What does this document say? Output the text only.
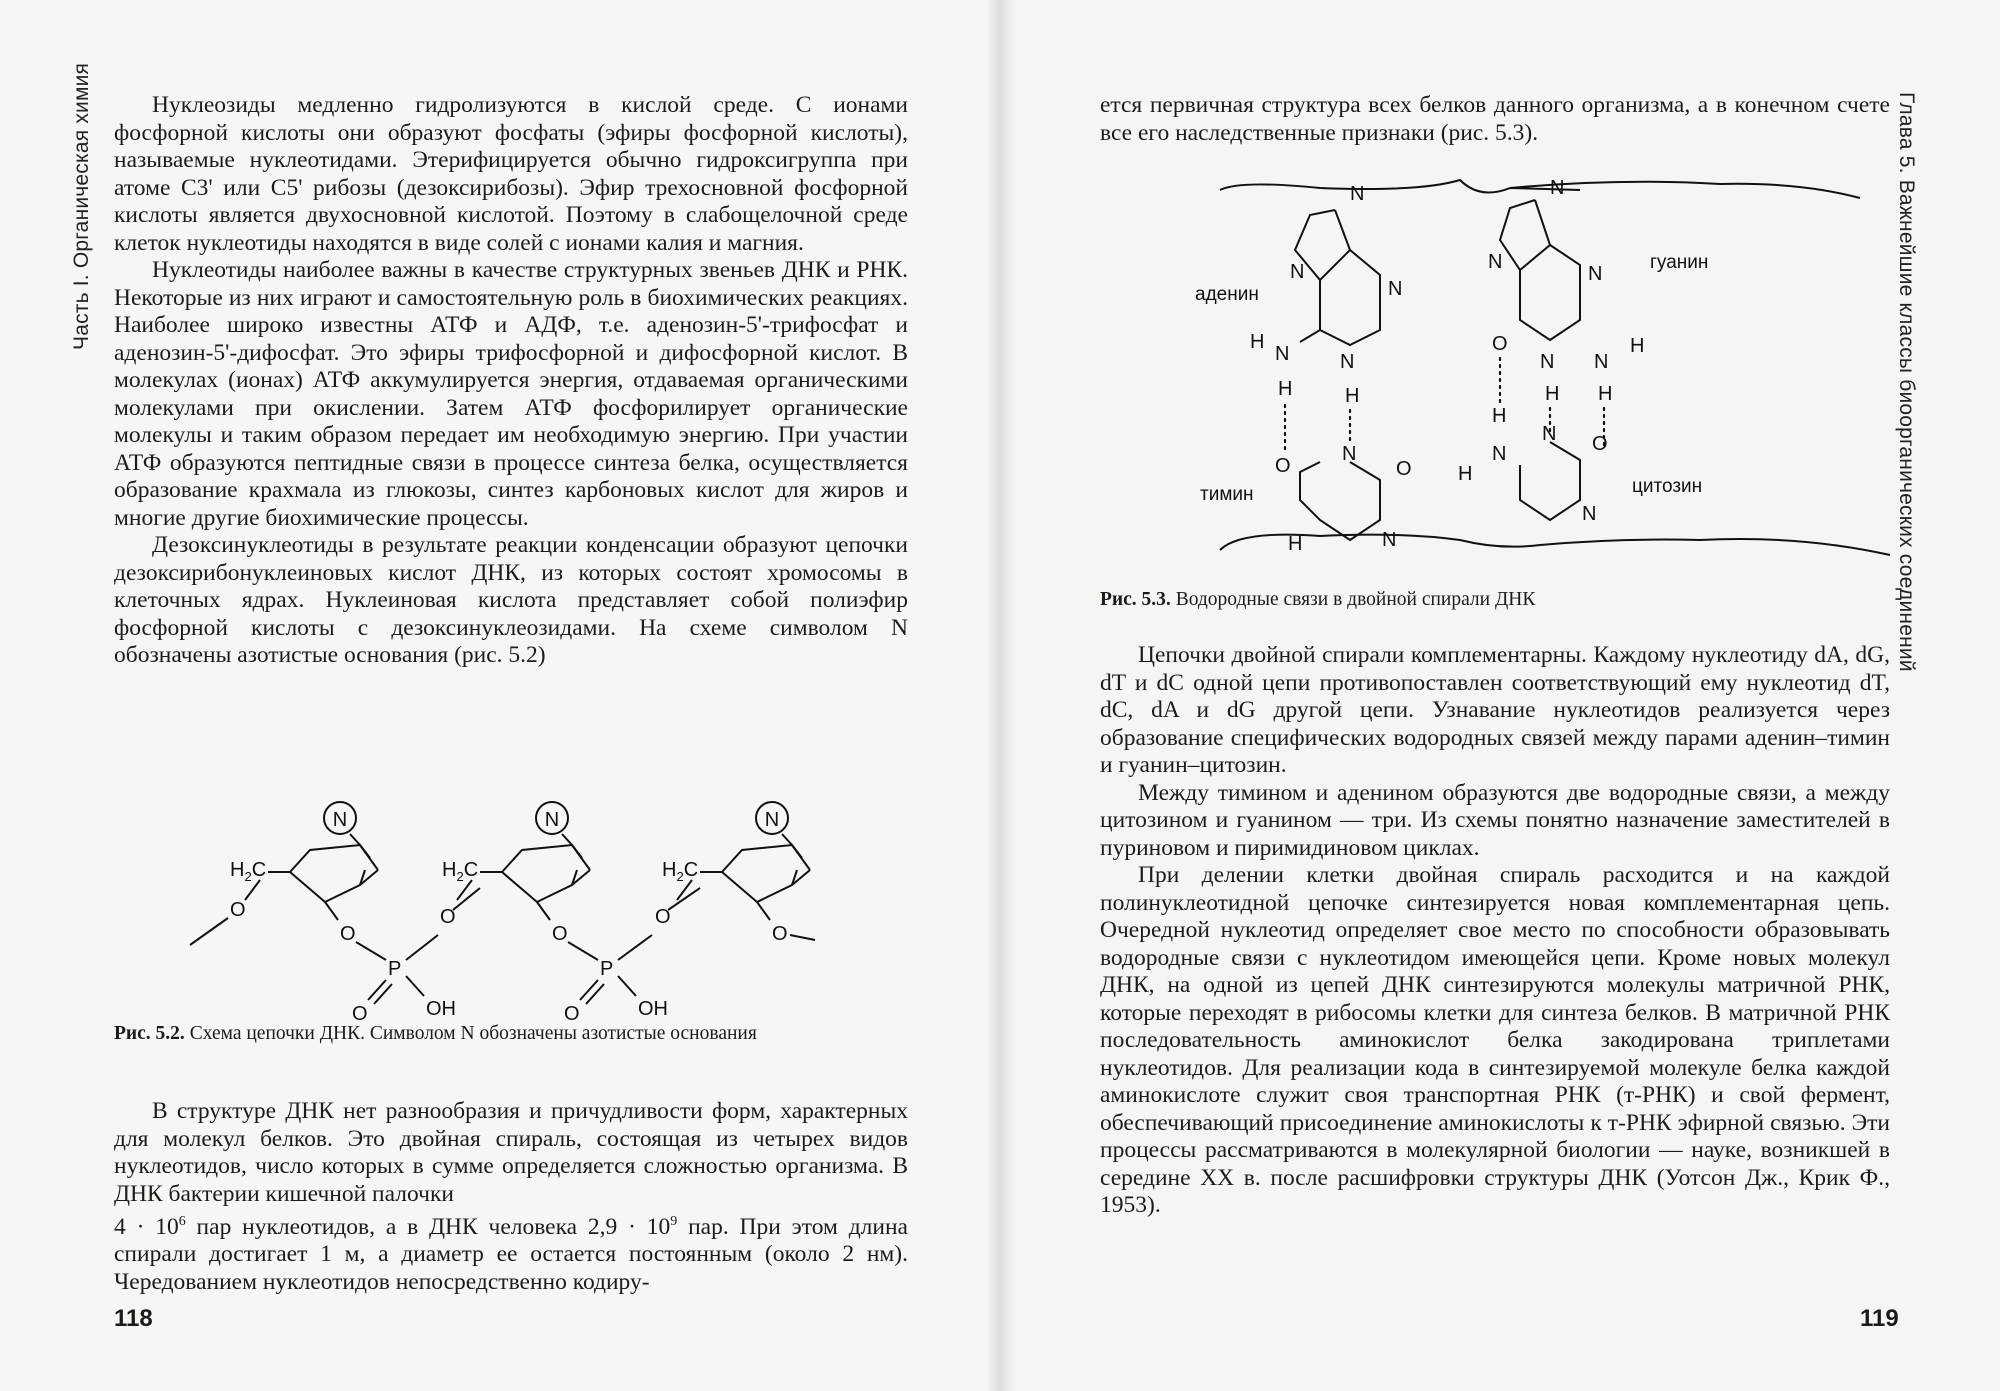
Часть I. Органическая химия	Нуклеозиды медленно гидролизуются в кислой среде. С ионами фосфорной кислоты они образуют фосфаты (эфиры фосфорной кислоты), называемые нуклеотидами. Этерифицируется обычно гидроксигруппа при атоме C3' или C5' рибозы (дезоксирибозы). Эфир трехосновной фосфорной кислоты является двухосновной кислотой. Поэтому в слабощелочной среде клеток нуклеотиды находятся в виде солей с ионами калия и магния.

Нуклеотиды наиболее важны в качестве структурных звеньев ДНК и РНК. Некоторые из них играют и самостоятельную роль в биохимических реакциях. Наиболее широко известны АТФ и АДФ, т.е. аденозин-5'-трифосфат и аденозин-5'-дифосфат. Это эфиры трифосфорной и дифосфорной кислот. В молекулах (ионах) АТФ аккумулируется энергия, отдаваемая органическими молекулами при окислении. Затем АТФ фосфорилирует органические молекулы и таким образом передает им необходимую энергию. При участии АТФ образуются пептидные связи в процессе синтеза белка, осуществляется образование крахмала из глюкозы, синтез карбоновых кислот для жиров и многие другие биохимические процессы.

Дезоксинуклеотиды в результате реакции конденсации образуют цепочки дезоксирибонуклеиновых кислот ДНК, из которых состоят хромосомы в клеточных ядрах. Нуклеиновая кислота представляет собой полиэфир фосфорной кислоты с дезоксинуклеозидами. На схеме символом N обозначены азотистые основания (рис. 5.2)

N
$H_2C$
O
O
P
O
O	OH
O
P
O
O	OH
O
Рис. 5.2. Схема цепочки ДНК. Символом N обозначены азотистые основания

В структуре ДНК нет разнообразия и причудливости форм, характерных для молекул белков. Это двойная спираль, состоящая из четырех видов нуклеотидов, число которых в сумме определяется сложностью организма. В ДНК бактерии кишечной палочки

$4 \cdot 10^6$ пар нуклеотидов, а в ДНК человека $2,9 \cdot 10^9$ пар. При этом длина спирали достигает 1 м, а диаметр ее остается постоянным (около 2 нм). Чередованием нуклеотидов непосредственно кодиру-

118
Глава 5. Важнейшие классы биоорганических соединений

ется первичная структура всех белков данного организма, а в конечном счете все его наследственные признаки (рис. 5.3).

N
N
N
N
аденин
N
H
H	H
N
O	O
N
H
тимин
N
N
N
гуанин
O
N N
H
H H
H
N
H
N O
N
цитозин
Рис. 5.3. Водородные связи в двойной спирали ДНК

Цепочки двойной спирали комплементарны. Каждому нуклеотиду dA, dG, dT и dC одной цепи противопоставлен соответствующий ему нуклеотид dT, dC, dA и dG другой цепи. Узнавание нуклеотидов реализуется через образование специфических водородных связей между парами аденин–тимин и гуанин–цитозин.

Между тимином и аденином образуются две водородные связи, а между цитозином и гуанином — три. Из схемы понятно назначение заместителей в пуриновом и пиримидиновом циклах.

При делении клетки двойная спираль расходится и на каждой полинуклеотидной цепочке синтезируется новая комплементарная цепь. Очередной нуклеотид определяет свое место по способности образовывать водородные связи с нуклеотидом имеющейся цепи. Кроме новых молекул ДНК, на одной из цепей ДНК синтезируются молекулы матричной РНК, которые переходят в рибосомы клетки для синтеза белков. В матричной РНК последовательность аминокислот белка закодирована триплетами нуклеотидов. Для реализации кода в синтезируемой молекуле белка каждой аминокислоте служит своя транспортная РНК (т-РНК) и свой фермент, обеспечивающий присоединение аминокислоты к т-РНК эфирной связью. Эти процессы рассматриваются в молекулярной биологии — науке, возникшей в середине XX в. после расшифровки структуры ДНК (Уотсон Дж., Крик Ф., 1953).

119
